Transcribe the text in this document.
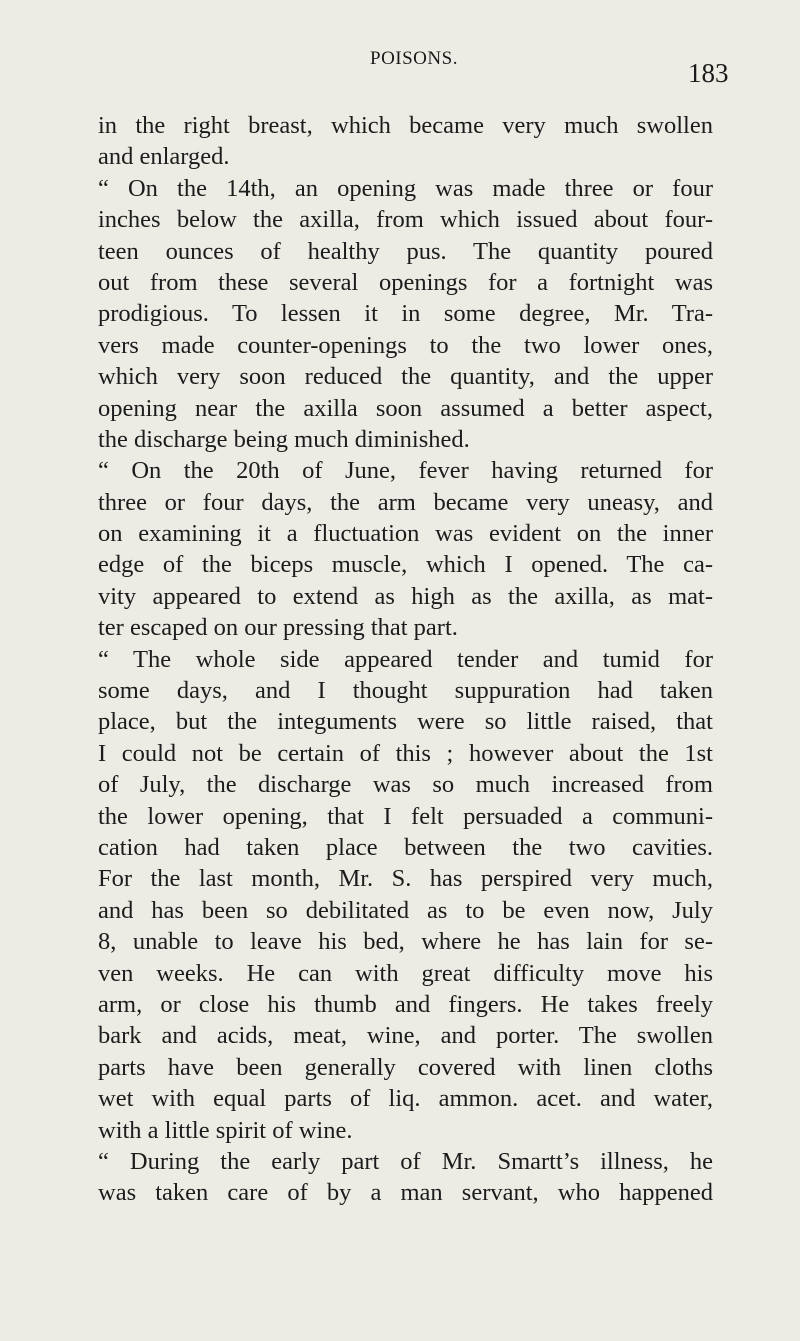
POISONS.	183
in the right breast, which became very much swollen
and enlarged.
“ On the 14th, an opening was made three or four
inches below the axilla, from which issued about four-
teen ounces of healthy pus. The quantity poured
out from these several openings for a fortnight was
prodigious. To lessen it in some degree, Mr. Tra-
vers made counter-openings to the two lower ones,
which very soon reduced the quantity, and the upper
opening near the axilla soon assumed a better aspect,
the discharge being much diminished.
“ On the 20th of June, fever having returned for
three or four days, the arm became very uneasy, and
on examining it a fluctuation was evident on the inner
edge of the biceps muscle, which I opened. The ca-
vity appeared to extend as high as the axilla, as mat-
ter escaped on our pressing that part.
“ The whole side appeared tender and tumid for
some days, and I thought suppuration had taken
place, but the integuments were so little raised, that
I could not be certain of this ; however about the 1st
of July, the discharge was so much increased from
the lower opening, that I felt persuaded a communi-
cation had taken place between the two cavities.
For the last month, Mr. S. has perspired very much,
and has been so debilitated as to be even now, July
8, unable to leave his bed, where he has lain for se-
ven weeks. He can with great difficulty move his
arm, or close his thumb and fingers. He takes freely
bark and acids, meat, wine, and porter. The swollen
parts have been generally covered with linen cloths
wet with equal parts of liq. ammon. acet. and water,
with a little spirit of wine.
“ During the early part of Mr. Smartt’s illness, he
was taken care of by a man servant, who happened
